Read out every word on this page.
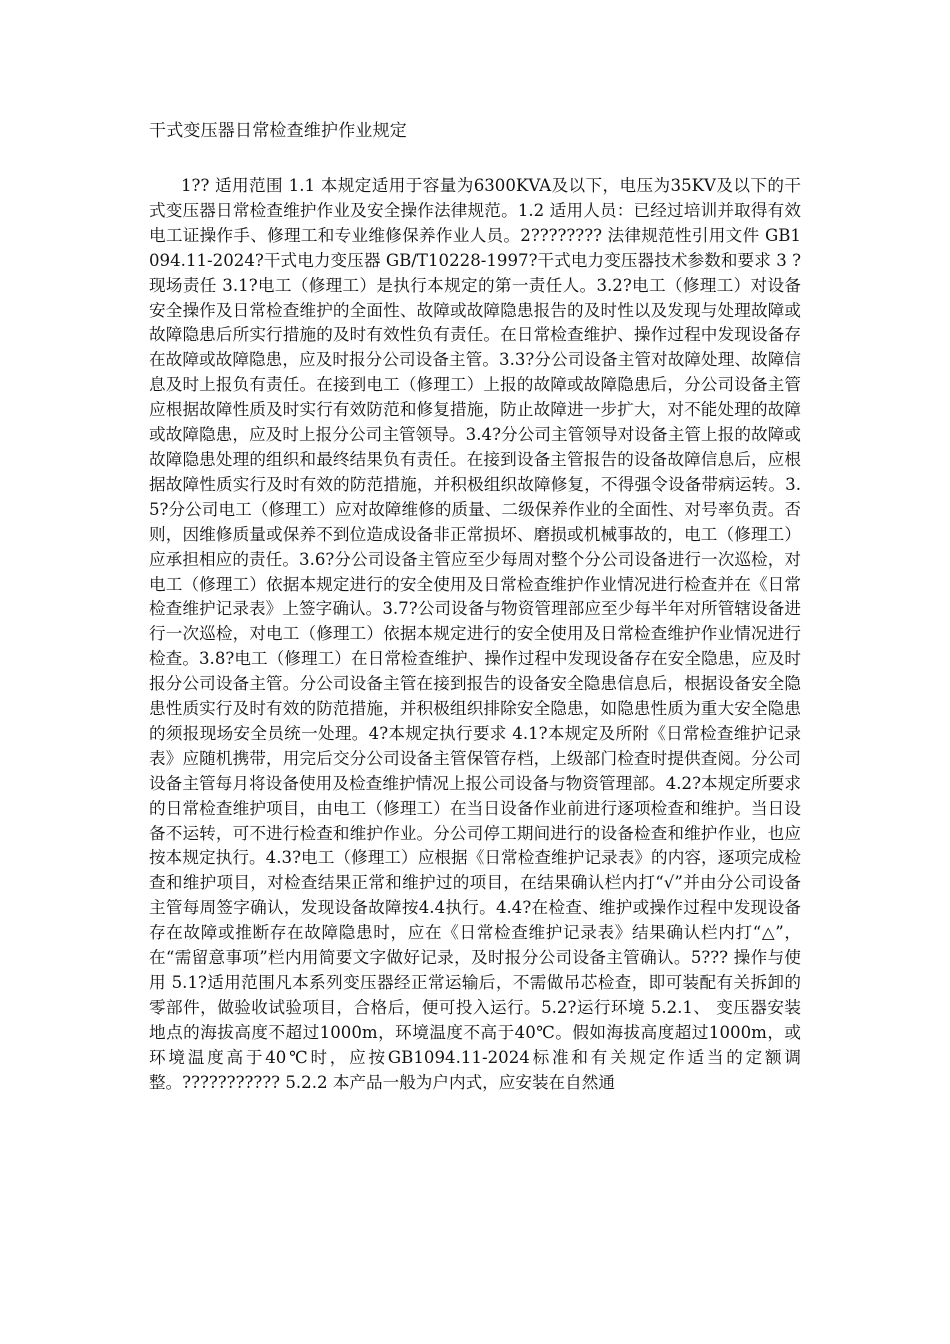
干式变压器日常检查维护作业规定

1?? 适用范围 1.1 本规定适用于容量为6300KVA及以下，电压为35KV及以下的干式变压器日常检查维护作业及安全操作法律规范。1.2 适用人员：已经过培训并取得有效电工证操作手、修理工和专业维修保养作业人员。2???????? 法律规范性引用文件 GB1094.11-2024?干式电力变压器 GB/T10228-1997?干式电力变压器技术参数和要求 3 ?现场责任 3.1?电工（修理工）是执行本规定的第一责任人。3.2?电工（修理工）对设备安全操作及日常检查维护的全面性、故障或故障隐患报告的及时性以及发现与处理故障或故障隐患后所实行措施的及时有效性负有责任。在日常检查维护、操作过程中发现设备存在故障或故障隐患，应及时报分公司设备主管。3.3?分公司设备主管对故障处理、故障信息及时上报负有责任。在接到电工（修理工）上报的故障或故障隐患后，分公司设备主管应根据故障性质及时实行有效防范和修复措施，防止故障进一步扩大，对不能处理的故障或故障隐患，应及时上报分公司主管领导。3.4?分公司主管领导对设备主管上报的故障或故障隐患处理的组织和最终结果负有责任。在接到设备主管报告的设备故障信息后，应根据故障性质实行及时有效的防范措施，并积极组织故障修复，不得强令设备带病运转。3.5?分公司电工（修理工）应对故障维修的质量、二级保养作业的全面性、对号率负责。否则，因维修质量或保养不到位造成设备非正常损坏、磨损或机械事故的，电工（修理工）应承担相应的责任。3.6?分公司设备主管应至少每周对整个分公司设备进行一次巡检，对电工（修理工）依据本规定进行的安全使用及日常检查维护作业情况进行检查并在《日常检查维护记录表》上签字确认。3.7?公司设备与物资管理部应至少每半年对所管辖设备进行一次巡检，对电工（修理工）依据本规定进行的安全使用及日常检查维护作业情况进行检查。3.8?电工（修理工）在日常检查维护、操作过程中发现设备存在安全隐患，应及时报分公司设备主管。分公司设备主管在接到报告的设备安全隐患信息后，根据设备安全隐患性质实行及时有效的防范措施，并积极组织排除安全隐患，如隐患性质为重大安全隐患的须报现场安全员统一处理。4?本规定执行要求 4.1?本规定及所附《日常检查维护记录表》应随机携带，用完后交分公司设备主管保管存档，上级部门检查时提供查阅。分公司设备主管每月将设备使用及检查维护情况上报公司设备与物资管理部。4.2?本规定所要求的日常检查维护项目，由电工（修理工）在当日设备作业前进行逐项检查和维护。当日设备不运转，可不进行检查和维护作业。分公司停工期间进行的设备检查和维护作业，也应按本规定执行。4.3?电工（修理工）应根据《日常检查维护记录表》的内容，逐项完成检查和维护项目，对检查结果正常和维护过的项目，在结果确认栏内打“√”并由分公司设备主管每周签字确认，发现设备故障按4.4执行。4.4?在检查、维护或操作过程中发现设备存在故障或推断存在故障隐患时，应在《日常检查维护记录表》结果确认栏内打“△”，在“需留意事项”栏内用简要文字做好记录，及时报分公司设备主管确认。5??? 操作与使用 5.1?适用范围凡本系列变压器经正常运输后，不需做吊芯检查，即可装配有关拆卸的零部件，做验收试验项目，合格后，便可投入运行。5.2?运行环境 5.2.1、 变压器安装地点的海拔高度不超过1000m，环境温度不高于40℃。假如海拔高度超过1000m，或环境温度高于40℃时，应按GB1094.11-2024标准和有关规定作适当的定额调整。??????????? 5.2.2 本产品一般为户内式，应安装在自然通
